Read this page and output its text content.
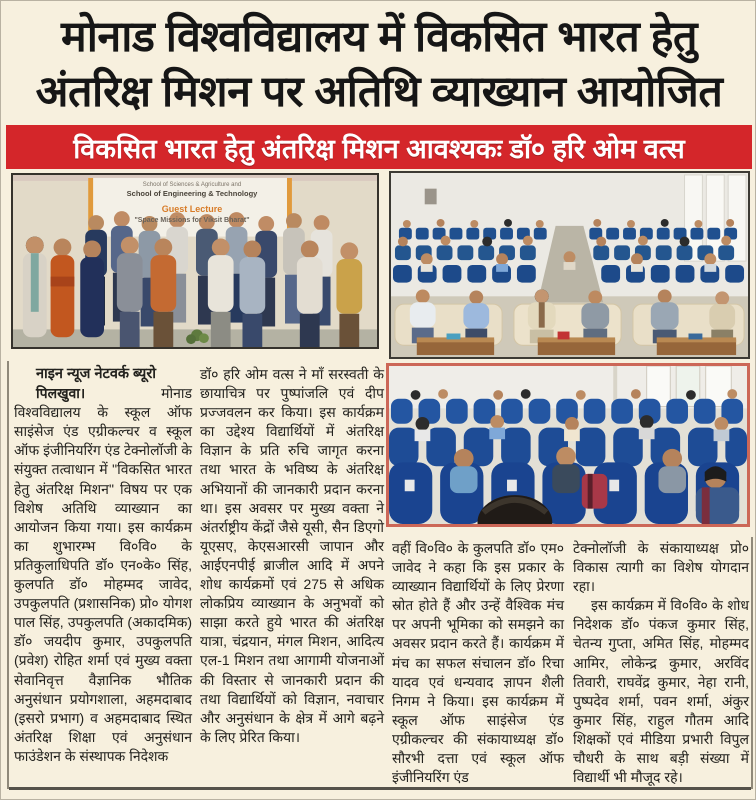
मोनाड विश्वविद्यालय में विकसित भारत हेतु
अंतरिक्ष मिशन पर अतिथि व्याख्यान आयोजित
विकसित भारत हेतु अंतरिक्ष मिशन आवश्यकः डॉ० हरि ओम वत्स
School of Sciences & Agriculture and
School of Engineering & Technology
Guest Lecture
"Space Missions for Viksit Bharat"
नाइन न्यूज नेटवर्क ब्यूरो
पिलखुवा।	मोनाड
विश्वविद्यालय के स्कूल ऑफ साइंसेज एंड एग्रीकल्चर व स्कूल ऑफ इंजीनियरिंग एंड टेक्नोलॉजी के संयुक्त तत्वाधान में "विकसित भारत हेतु अंतरिक्ष मिशन" विषय पर एक विशेष अतिथि व्याख्यान का आयोजन किया गया। इस कार्यक्रम का शुभारम्भ वि०वि० के प्रतिकुलाधिपति डॉ० एन०के० सिंह, कुलपति डॉ० मोहम्मद जावेद, उपकुलपति (प्रशासनिक) प्रो० योगश पाल सिंह, उपकुलपति (अकादमिक) डॉ० जयदीप कुमार, उपकुलपति (प्रवेश) रोहित शर्मा एवं मुख्य वक्ता सेवानिवृत्त वैज्ञानिक भौतिक अनुसंधान प्रयोगशाला, अहमदाबाद (इसरो प्रभाग) व अहमदाबाद स्थित अंतरिक्ष शिक्षा एवं अनुसंधान फाउंडेशन के संस्थापक निदेशक
डॉ० हरि ओम वत्स ने माँ सरस्वती के छायाचित्र पर पुष्पांजलि एवं दीप प्रज्जवलन कर किया। इस कार्यक्रम का उद्देश्य विद्यार्थियों में अंतरिक्ष विज्ञान के प्रति रुचि जागृत करना तथा भारत के भविष्य के अंतरिक्ष अभियानों की जानकारी प्रदान करना था। इस अवसर पर मुख्य वक्ता ने अंतर्राष्ट्रीय केंद्रों जैसे यूसी, सैन डिएगो यूएसए, केएसआरसी जापान और आईएनपीई ब्राजील आदि में अपने शोध कार्यक्रमों एवं 275 से अधिक लोकप्रिय व्याख्यान के अनुभवों को साझा करते हुये भारत की अंतरिक्ष यात्रा, चंद्रयान, मंगल मिशन, आदित्य एल-1 मिशन तथा आगामी योजनाओं की विस्तार से जानकारी प्रदान की तथा विद्यार्थियों को विज्ञान, नवाचार और अनुसंधान के क्षेत्र में आगे बढ़ने के लिए प्रेरित किया।
वहीं वि०वि० के कुलपति डॉ० एम० जावेद ने कहा कि इस प्रकार के व्याख्यान विद्यार्थियों के लिए प्रेरणा स्रोत होते हैं और उन्हें वैश्विक मंच पर अपनी भूमिका को समझने का अवसर प्रदान करते हैं। कार्यक्रम में मंच का सफल संचालन डॉ० रिचा यादव एवं धन्यवाद ज्ञापन शैली निगम ने किया। इस कार्यक्रम में स्कूल ऑफ साइंसेज एंड एग्रीकल्चर की संकायाध्यक्ष डॉ० सौरभी दत्ता एवं स्कूल ऑफ इंजीनियरिंग एंड
टेक्नोलॉजी के संकायाध्यक्ष प्रो० विकास त्यागी का विशेष योगदान रहा।
इस कार्यक्रम में वि०वि० के शोध निदेशक डॉ० पंकज कुमार सिंह, चेतन्य गुप्ता, अमित सिंह, मोहम्मद आमिर, लोकेन्द्र कुमार, अरविंद तिवारी, राघवेंद्र कुमार, नेहा रानी, पुष्पदेव शर्मा, पवन शर्मा, अंकुर कुमार सिंह, राहुल गौतम आदि शिक्षकों एवं मीडिया प्रभारी विपुल चौधरी के साथ बड़ी संख्या में विद्यार्थी भी मौजूद रहे।
